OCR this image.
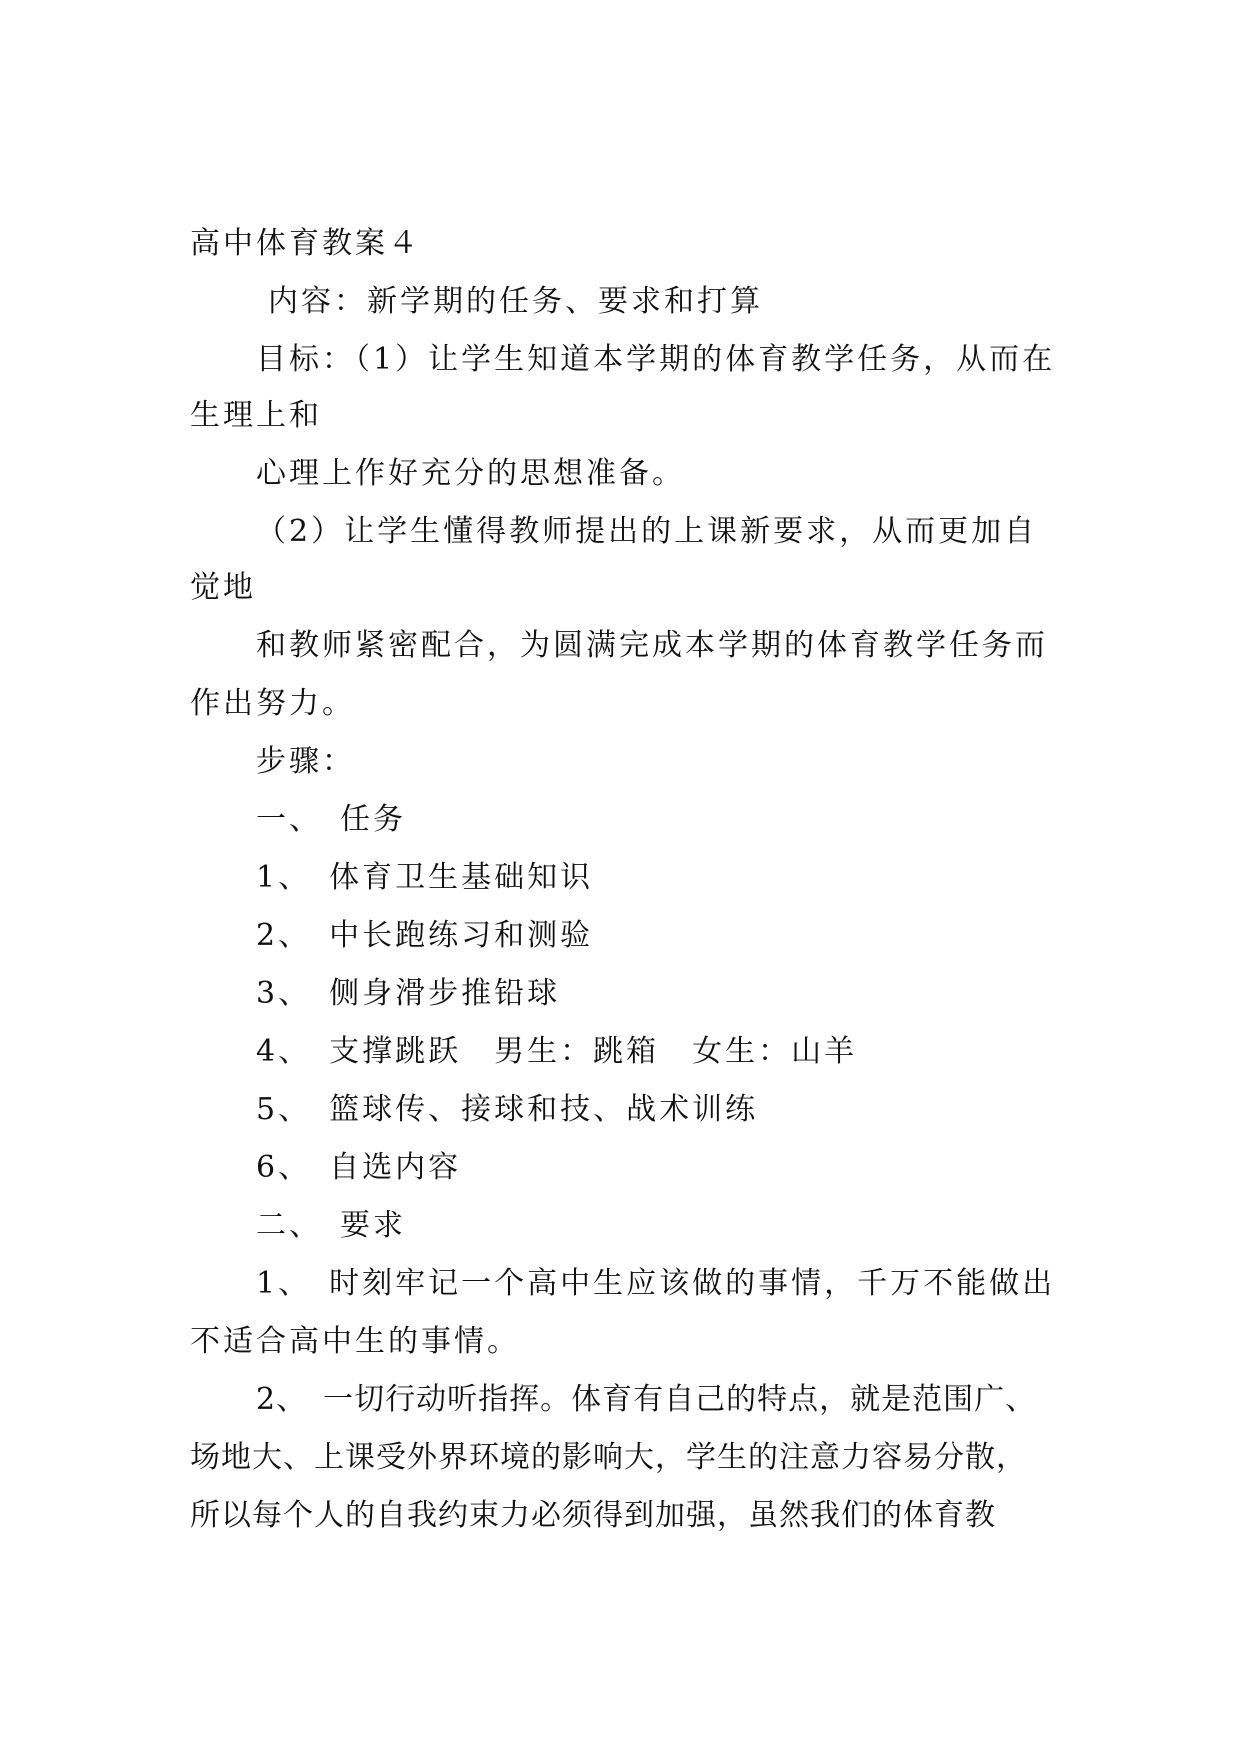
高中体育教案４
内容：新学期的任务、要求和打算
目标：（1）让学生知道本学期的体育教学任务，从而在
生理上和
心理上作好充分的思想准备。
（2）让学生懂得教师提出的上课新要求，从而更加自
觉地
和教师紧密配合，为圆满完成本学期的体育教学任务而
作出努力。
步骤：
一、　任务
1、　体育卫生基础知识
2、　中长跑练习和测验
3、　侧身滑步推铅球
4、　支撑跳跃　男生：跳箱　女生：山羊
5、　篮球传、接球和技、战术训练
6、　自选内容
二、　要求
1、　时刻牢记一个高中生应该做的事情，千万不能做出
不适合高中生的事情。
2、　一切行动听指挥。体育有自己的特点，就是范围广、
场地大、上课受外界环境的影响大，学生的注意力容易分散，
所以每个人的自我约束力必须得到加强，虽然我们的体育教
